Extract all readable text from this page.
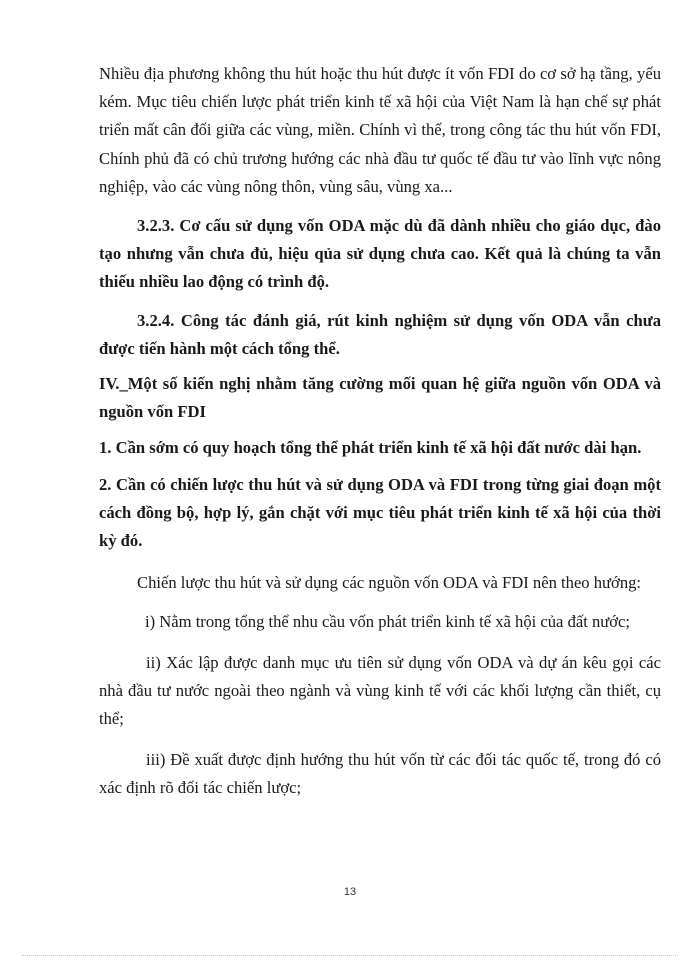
Nhiều địa phương không thu hút hoặc thu hút được ít vốn FDI do cơ sở hạ tầng, yếu kém. Mục tiêu chiến lược phát triển kinh tế xã hội của Việt Nam là hạn chế sự phát triển mất cân đối giữa các vùng, miền. Chính vì thế, trong công tác thu hút vốn FDI, Chính phủ đã có chủ trương hướng các nhà đầu tư quốc tế đầu tư vào lĩnh vực nông nghiệp, vào các vùng nông thôn, vùng sâu, vùng xa...

3.2.3. Cơ cấu sử dụng vốn ODA mặc dù đã dành nhiều cho giáo dục, đào tạo nhưng vẫn chưa đủ, hiệu qủa sử dụng chưa cao. Kết quả là chúng ta vẫn thiếu nhiều lao động có trình độ.

3.2.4. Công tác đánh giá, rút kinh nghiệm sử dụng vốn ODA vẫn chưa được tiến hành một cách tổng thể.

IV._Một số kiến nghị nhằm tăng cường mối quan hệ giữa nguồn vốn ODA và nguồn vốn FDI

1. Cần sớm có quy hoạch tổng thể phát triển kinh tế xã hội đất nước dài hạn.

2. Cần có chiến lược thu hút và sử dụng ODA và FDI trong từng giai đoạn một cách đồng bộ, hợp lý, gắn chặt với mục tiêu phát triển kinh tế xã hội của thời kỳ đó.

Chiến lược thu hút và sử dụng các nguồn vốn ODA và FDI nên theo hướng:

i) Nằm trong tổng thể nhu cầu vốn phát triển kinh tế xã hội của đất nước;

ii) Xác lập được danh mục ưu tiên sử dụng vốn ODA và dự án kêu gọi các nhà đầu tư nước ngoài theo ngành và vùng kinh tế với các khối lượng cần thiết, cụ thể;

iii) Đề xuất được định hướng thu hút vốn từ các đối tác quốc tế, trong đó có xác định rõ đối tác chiến lược;

13
